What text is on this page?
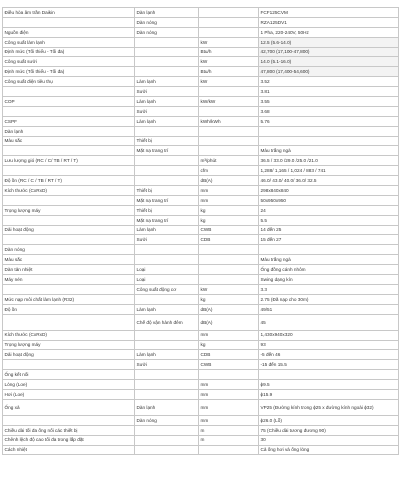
Điều hòa âm trần Daikin	Dàn lạnh		FCF125CVM
	Dàn nóng		RZA125DV1
Nguồn điện	Dàn nóng		1 Pha, 220-240V, 50Hz
Công suất làm lạnh		kW	12.5 (5.6-14.0)
Định mức (Tối thiểu - Tối đa)		Btu/h	42,700 (17,100-47,800)
Công suất sưởi		kW	14.0 (5.1-16.0)
Định mức (Tối thiểu - Tối đa)		Btu/h	47,800 (17,400-54,600)
Công suất điện tiêu thụ	Làm lạnh	kW	3.52
	Sưởi		3.81
COP	Làm lạnh	kW/kW	3.55
	Sưởi		3.68
CSPF	Làm lạnh	kWh/kWh	5.76
Dàn lạnh			
Màu sắc	Thiết bị		
	Mặt nạ trang trí		Màu trắng ngà
Lưu lượng gió (RC / C/ TB / RT / T)		m³/phút	36.5 / 33.0 /29.0 /25.0 /21.0
		cfm	1,288/ 1,165 / 1,024 / 883 / 741
Độ ồn (RC / C / TB / RT / T)		dB(A)	46.0/ 43.0/ 40.0/ 36.0/ 32.5
Kích thước (CxRxD)	Thiết bị	mm	298x840x840
	Mặt nạ trang trí	mm	50x950x950
Trọng lượng máy	Thiết bị	kg	24
	Mặt nạ trang trí	kg	5.5
Dải hoạt động	Làm lạnh	CWB	14 đến 25
	Sưởi	CDB	15 đến 27
Dàn nóng			
Màu sắc			Màu trắng ngà
Dàn tản nhiệt	Loại		Ống đồng cánh nhôm
Máy nén	Loại		Swing dạng kín
	Công suất động cơ	kW	3.3
Mức nạp môi chất làm lạnh (R32)		kg	2.75 (Đã nạp cho 30m)
Độ ồn	Làm lạnh	dB(A)	49/51
	Chế độ vận hành đêm	dB(A)	45
Kích thước (CxRxD)		mm	1,430x940x320
Trọng lượng máy		kg	93
Dải hoạt động	Làm lạnh	CDB	-5 đến 46
	Sưởi	CWB	-15 đến 15.5
Ống kết nối			
Lỏng (Loe)		mm	ϕ9.5
Hơi (Loe)		mm	ϕ15.9
Ống xả	Dàn lạnh	mm	VP25 (Đường kính trong ϕ25 x đường kính ngoài ϕ32)
	Dàn nóng	mm	ϕ26.0 (Lỗ)
Chiều dài tối đa ống nối các thiết bị		m	75 (Chiều dài tương đương 90)
Chênh lệch độ cao tối đa trong lắp đặt		m	30
Cách nhiệt			Cả ống hơi và ống lỏng
